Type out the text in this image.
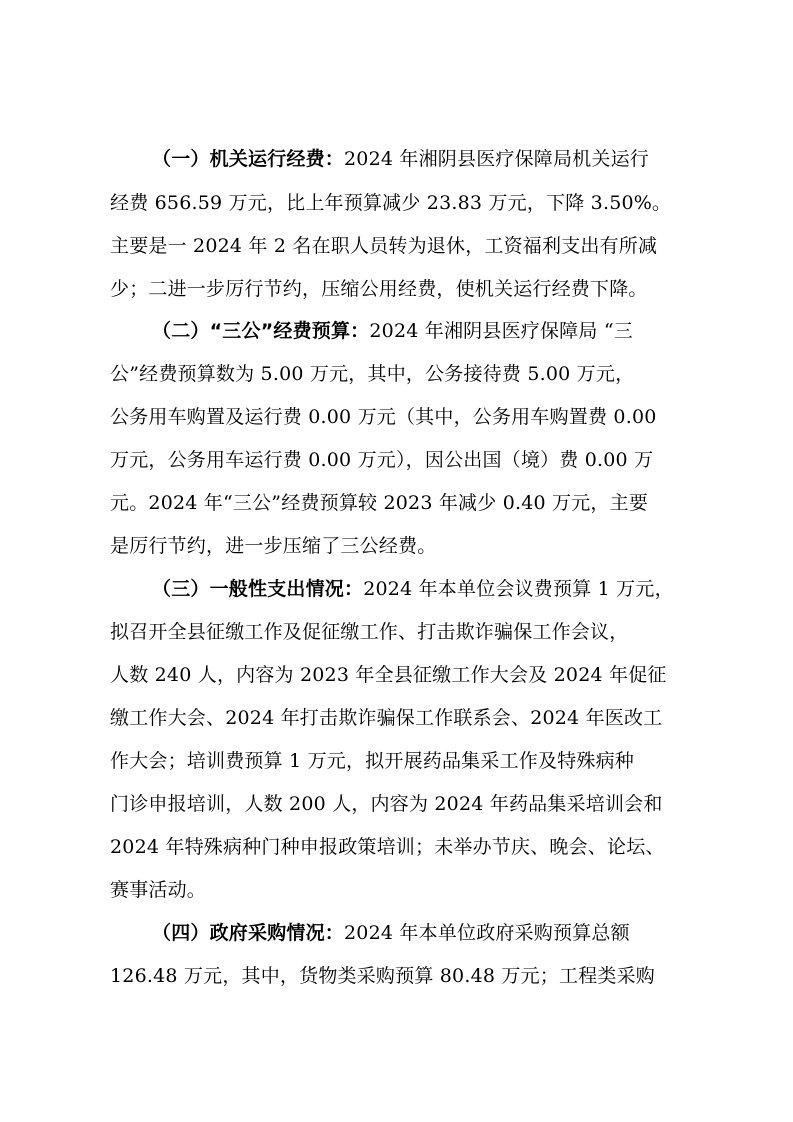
（一）机关运行经费：2024 年湘阴县医疗保障局机关运行
经费 656.59 万元，比上年预算减少 23.83 万元，下降 3.50%。
主要是一 2024 年 2 名在职人员转为退休，工资福利支出有所减
少；二进一步厉行节约，压缩公用经费，使机关运行经费下降。
（二）“三公”经费预算：2024 年湘阴县医疗保障局 “三
公”经费预算数为 5.00 万元，其中，公务接待费 5.00 万元，
公务用车购置及运行费 0.00 万元（其中，公务用车购置费 0.00
万元，公务用车运行费 0.00 万元），因公出国（境）费 0.00 万
元。2024 年“三公”经费预算较 2023 年减少 0.40 万元，主要
是厉行节约，进一步压缩了三公经费。
（三）一般性支出情况：2024 年本单位会议费预算 1 万元，
拟召开全县征缴工作及促征缴工作、打击欺诈骗保工作会议，
人数 240 人，内容为 2023 年全县征缴工作大会及 2024 年促征
缴工作大会、2024 年打击欺诈骗保工作联系会、2024 年医改工
作大会；培训费预算 1 万元，拟开展药品集采工作及特殊病种
门诊申报培训，人数 200 人，内容为 2024 年药品集采培训会和
2024 年特殊病种门种申报政策培训；未举办节庆、晚会、论坛、
赛事活动。
（四）政府采购情况：2024 年本单位政府采购预算总额
126.48 万元，其中，货物类采购预算 80.48 万元；工程类采购
